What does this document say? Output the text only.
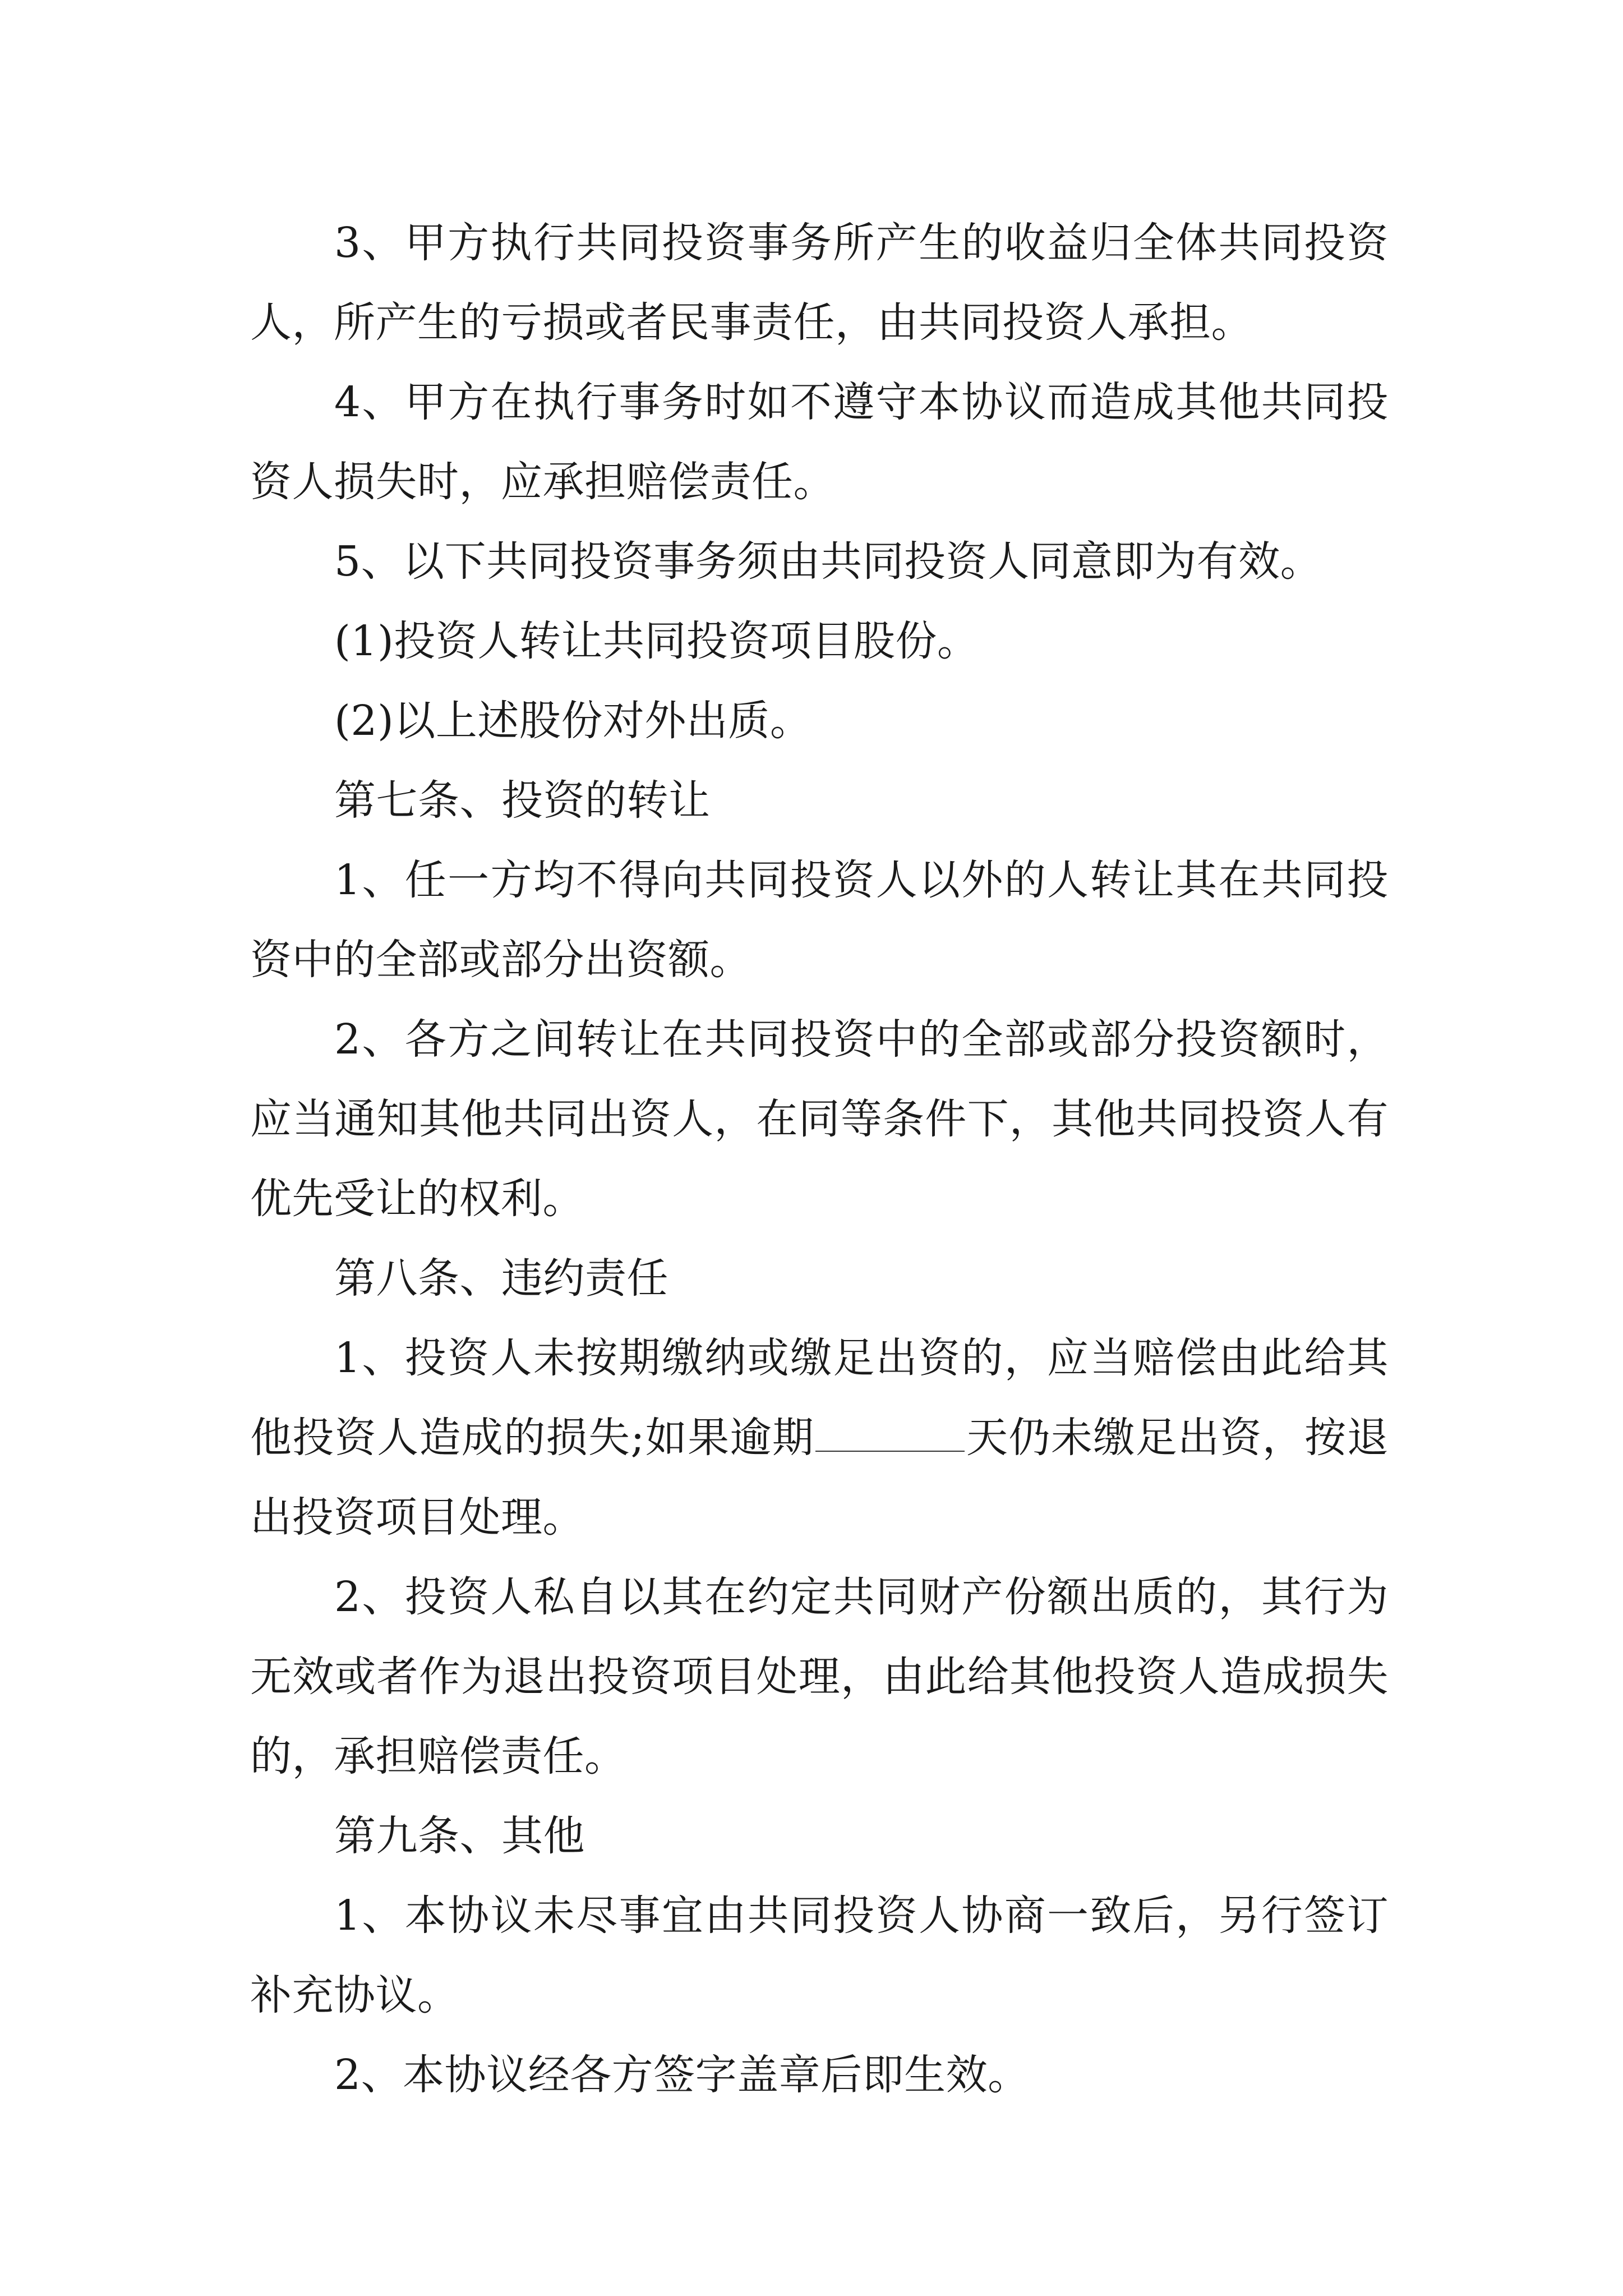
3、甲方执行共同投资事务所产生的收益归全体共同投资人，所产生的亏损或者民事责任，由共同投资人承担。

4、甲方在执行事务时如不遵守本协议而造成其他共同投资人损失时，应承担赔偿责任。

5、以下共同投资事务须由共同投资人同意即为有效。

(1)投资人转让共同投资项目股份。

(2)以上述股份对外出质。

第七条、投资的转让

1、任一方均不得向共同投资人以外的人转让其在共同投资中的全部或部分出资额。

2、各方之间转让在共同投资中的全部或部分投资额时，应当通知其他共同出资人，在同等条件下，其他共同投资人有优先受让的权利。

第八条、违约责任

1、投资人未按期缴纳或缴足出资的，应当赔偿由此给其他投资人造成的损失;如果逾期	天仍未缴足出资，按退出投资项目处理。

2、投资人私自以其在约定共同财产份额出质的，其行为无效或者作为退出投资项目处理，由此给其他投资人造成损失的，承担赔偿责任。

第九条、其他

1、本协议未尽事宜由共同投资人协商一致后，另行签订补充协议。

2、本协议经各方签字盖章后即生效。
